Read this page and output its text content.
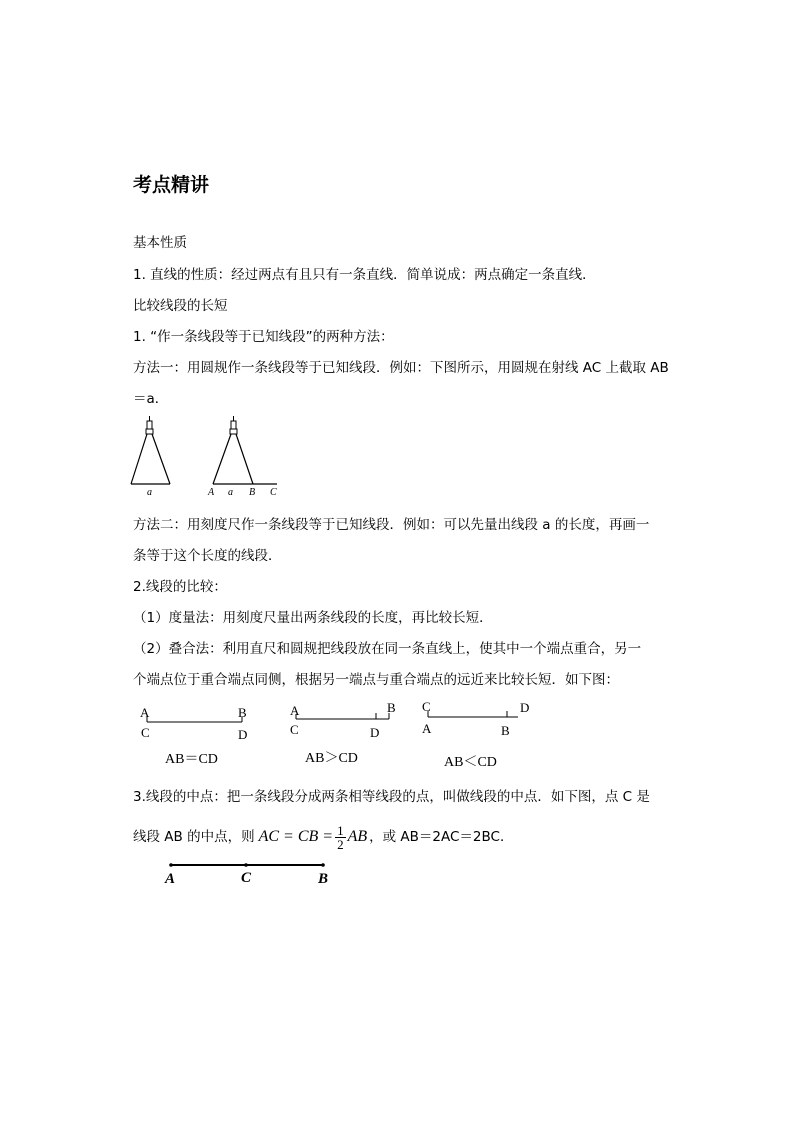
考点精讲
基本性质
1. 直线的性质：经过两点有且只有一条直线．简单说成：两点确定一条直线．
比较线段的长短
1. “作一条线段等于已知线段”的两种方法：
方法一：用圆规作一条线段等于已知线段．例如：下图所示，用圆规在射线 AC 上截取 AB
＝a．
a	A a B C
方法二：用刻度尺作一条线段等于已知线段．例如：可以先量出线段 a 的长度，再画一
条等于这个长度的线段．
2.线段的比较：
（1）度量法：用刻度尺量出两条线段的长度，再比较长短．
（2）叠合法：利用直尺和圆规把线段放在同一条直线上，使其中一个端点重合，另一
个端点位于重合端点同侧，根据另一端点与重合端点的远近来比较长短．如下图：
A	B
C	D
AB＝CD
A	B
C	D
AB＞CD
C	D
A	B
AB＜CD
3.线段的中点：把一条线段分成两条相等线段的点，叫做线段的中点．如下图，点 C 是
线段 AB 的中点，则 AC = CB = $\frac{1}{2}$ AB ，或 AB＝2AC＝2BC．
A	C	B
